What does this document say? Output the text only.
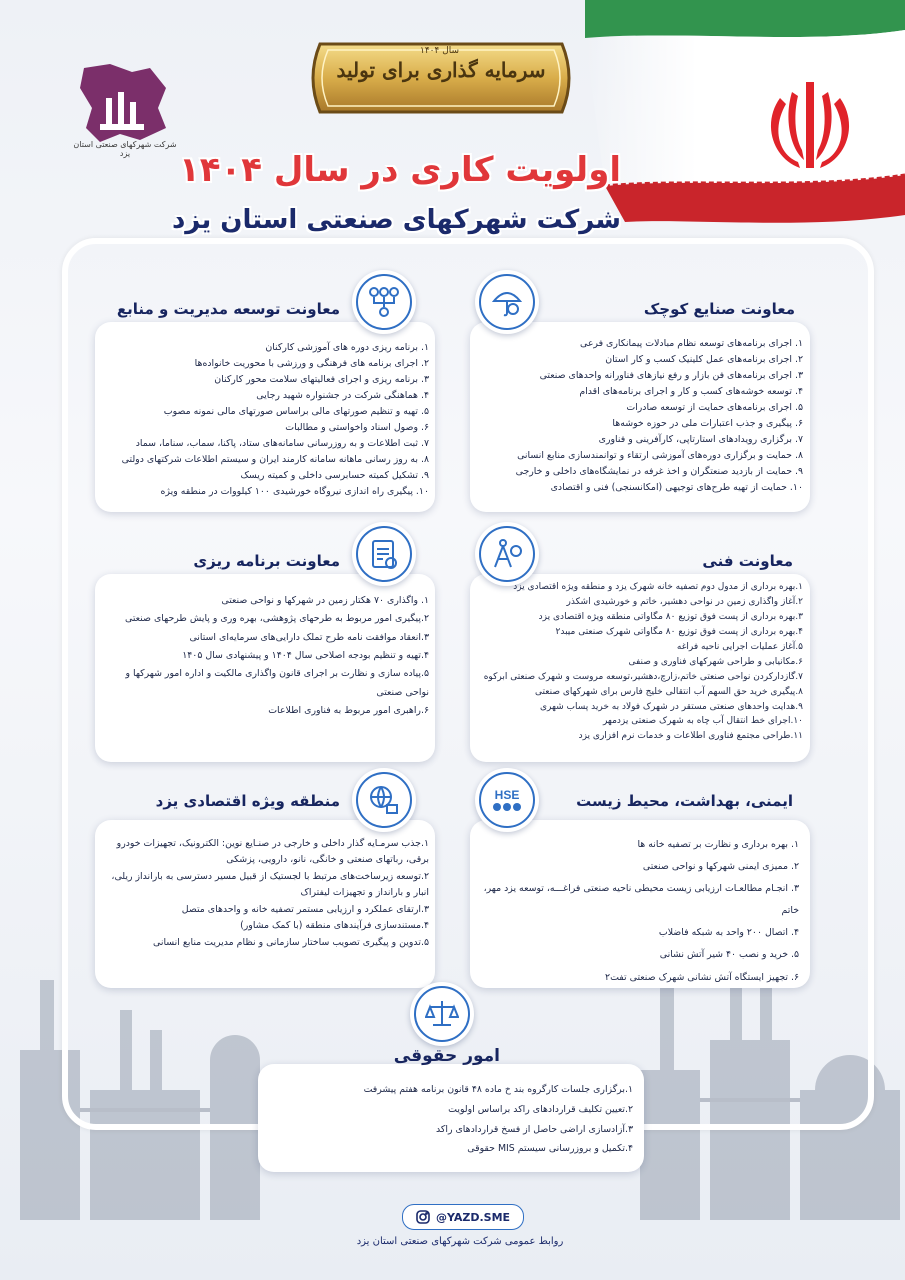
شرکت شهرکهای صنعتی استان یزد
سرمایه گذاری برای تولید
سال ۱۴۰۴
اولویت کاری در سال ۱۴۰۴
شرکت شهرکهای صنعتی استان یزد
معاونت صنایع کوچک
۱. اجرای برنامه‌های توسعه نظام مبادلات پیمانکاری فرعی
۲. اجرای برنامه‌های عمل کلینیک کسب و کار استان
۳. اجرای برنامه‌های فن بازار و رفع نیازهای فناورانه واحدهای صنعتی
۴. توسعه خوشه‌های کسب و کار و اجرای برنامه‌های اقدام
۵. اجرای برنامه‌های حمایت از توسعه صادرات
۶. پیگیری و جذب اعتبارات ملی در حوزه خوشه‌ها
۷. برگزاری رویدادهای استارتاپی، کارآفرینی و فناوری
۸. حمایت و برگزاری دوره‌های آموزشی ارتقاء و توانمندسازی منابع انسانی
۹. حمایت از بازدید صنعتگران و اخذ غرفه در نمایشگاه‌های داخلی و خارجی
۱۰. حمایت از تهیه طرح‌های توجیهی (امکانسنجی) فنی و اقتصادی
معاونت توسعه مدیریت و منابع
۱. برنامه ریزی دوره های آموزشی کارکنان
۲. اجرای برنامه های فرهنگی و ورزشی با محوریت خانواده‌ها
۳. برنامه ریزی و اجرای فعالیتهای سلامت محور کارکنان
۴. هماهنگی شرکت در جشنواره شهید رجایی
۵. تهیه و تنظیم صورتهای مالی براساس صورتهای مالی نمونه مصوب
۶. وصول اسناد واخواستی و مطالبات
۷. ثبت اطلاعات و به روزرسانی سامانه‌های ستاد، پاکنا، سماب، سناما، سماد
۸. به روز رسانی ماهانه سامانه کارمند ایران و سیستم اطلاعات شرکتهای دولتی
۹. تشکیل کمیته حسابرسی داخلی و کمیته ریسک
۱۰. پیگیری راه اندازی نیروگاه خورشیدی ۱۰۰ کیلووات در منطقه ویژه
معاونت فنی
۱.بهره برداری از مدول دوم تصفیه خانه شهرک یزد و منطقه ویژه اقتصادی یزد
۲.آغاز واگذاری زمین در نواحی دهشیر، خاتم و خورشیدی اشکذر
۳.بهره برداری از پست فوق توزیع ۸۰ مگاواتی منطقه ویژه اقتصادی یزد
۴.بهره برداری از پست فوق توزیع ۸۰ مگاواتی شهرک صنعتی میبد۲
۵.آغاز عملیات اجرایی ناحیه فراغه
۶.مکانیابی و طراحی شهرکهای فناوری و صنفی
۷.گازدارکردن نواحی صنعتی خاتم،زارچ،دهشیر،توسعه مروست و شهرک صنعتی ابرکوه
۸.پیگیری خرید حق السهم آب انتقالی خلیج فارس برای شهرکهای صنعتی
۹.هدایت واحدهای صنعتی مستقر در شهرک فولاد به خرید پساب شهری
۱۰.اجرای خط انتقال آب چاه به شهرک صنعتی یزدمهر
۱۱.طراحی مجتمع فناوری اطلاعات و خدمات نرم افزاری یزد
معاونت برنامه ریزی
۱. واگذاری ۷۰ هکتار زمین در شهرکها و نواحی صنعتی
۲.پیگیری امور مربوط به طرحهای پژوهشی، بهره وری و پایش طرحهای صنعتی
۳.انعقاد موافقت نامه طرح تملک دارایی‌های سرمایه‌ای استانی
۴.تهیه و تنظیم بودجه اصلاحی سال ۱۴۰۴ و پیشنهادی سال ۱۴۰۵
۵.پیاده سازی و نظارت بر اجرای قانون واگذاری مالکیت و اداره امور شهرکها و نواحی صنعتی
۶.راهبری امور مربوط به فناوری اطلاعات
ایمنی، بهداشت، محیط زیست
HSE
۱. بهره برداری و نظارت بر تصفیه خانه ها
۲. ممیزی ایمنی شهرکها و نواحی صنعتی
۳. انجـام مطالعـات ارزیابی زیست محیطی ناحیه صنعتی فراغـــه، توسعه یزد مهر، خاتم
۴. اتصال ۲۰۰ واحد به شبکه فاضلاب
۵. خرید و نصب ۴۰ شیر آتش نشانی
۶. تجهیز ایستگاه آتش نشانی شهرک صنعتی تفت۲
منطقه ویژه اقتصادی یزد
۱.جذب سرمـایه گذار داخلی و خارجی در صنـایع نوین: الکترونیک، تجهیزات خودرو برقی، رباتهای صنعتی و خانگی، نانو، دارویی، پزشکی
۲.توسعه زیرساخت‌های مرتبط با لجستیک از قبیل مسیر دسترسی به بارانداز ریلی، انبار و بارانداز و تجهیزات لیفتراک
۳.ارتقای عملکرد و ارزیابی مستمر تصفیه خانه و واحدهای متصل
۴.مستندسازی فرآیندهای منطقه (با کمک مشاور)
۵.تدوین و پیگیری تصویب ساختار سازمانی و نظام مدیریت منابع انسانی
امور حقوقی
۱.برگزاری جلسات کارگروه بند خ ماده ۴۸ قانون برنامه هفتم پیشرفت
۲.تعیین تکلیف قراردادهای راکد براساس اولویت
۳.آزادسازی اراضی حاصل از فسخ قراردادهای راکد
۴.تکمیل و بروزرسانی سیستم MIS حقوقی
@YAZD.SME
روابط عمومی شرکت شهرکهای صنعتی استان یزد
